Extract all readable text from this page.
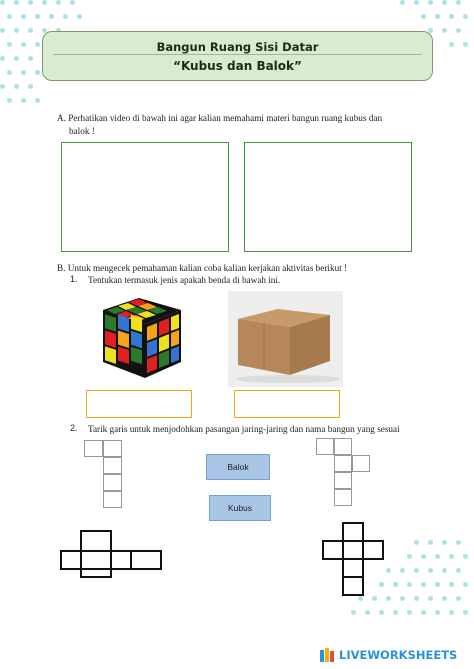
Bangun Ruang Sisi Datar
“Kubus dan Balok”
A. Perhatikan video di bawah ini agar kalian memahami materi bangun ruang kubus dan
balok !
B. Untuk mengecek pemahaman kalian coba kalian kerjakan aktivitas berikut !
1. Tentukan termasuk jenis apakah benda di bawah ini.
2. Tarik garis untuk menjodohkan pasangan jaring-jaring dan nama bangun yang sesuai
Balok
Kubus
LIVEWORKSHEETS
